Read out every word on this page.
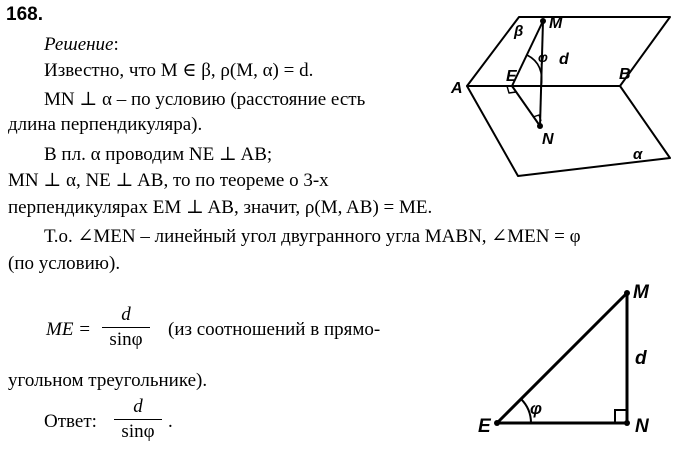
168.
Решение:
Известно, что M ∈ β, ρ(M, α) = d.
MN ⊥ α – по условию (расстояние есть
длина перпендикуляра).
В пл. α проводим NE ⊥ AB;
MN ⊥ α, NE ⊥ AB, то по теореме о 3-х
перпендикулярах EM ⊥ AB, значит, ρ(M, AB) = ME.
Т.о. ∠MEN – линейный угол двугранного угла MABN, ∠MEN = φ
(по условию).
ME =
d
sinφ	(из соотношений в прямо-
угольном треугольнике).
Ответ:
d
sinφ .
β
α
M
A
B
E
N
d
φ
M
E	N
d
φ
